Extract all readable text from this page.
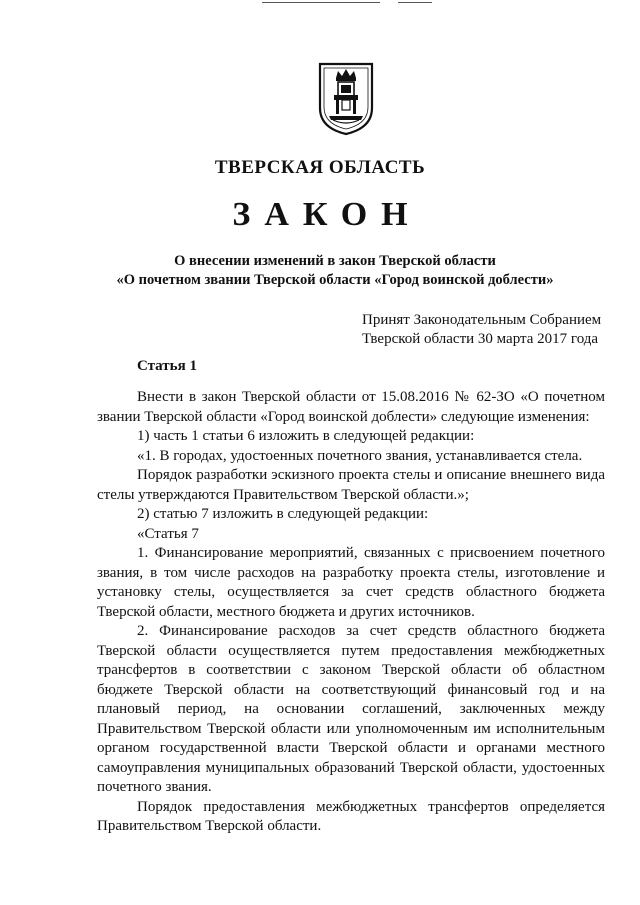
ТВЕРСКАЯ ОБЛАСТЬ
ЗАКОН
О внесении изменений в закон Тверской области
«О почетном звании Тверской области «Город воинской доблести»
Принят Законодательным Собранием
Тверской области 30 марта 2017 года
Статья 1

Внести в закон Тверской области от 15.08.2016 № 62-ЗО «О почетном звании Тверской области «Город воинской доблести» следующие изменения:

1) часть 1 статьи 6 изложить в следующей редакции:

«1. В городах, удостоенных почетного звания, устанавливается стела.

Порядок разработки эскизного проекта стелы и описание внешнего вида стелы утверждаются Правительством Тверской области.»;

2) статью 7 изложить в следующей редакции:

«Статья 7

1. Финансирование мероприятий, связанных с присвоением почетного звания, в том числе расходов на разработку проекта стелы, изготовление и установку стелы, осуществляется за счет средств областного бюджета Тверской области, местного бюджета и других источников.

2. Финансирование расходов за счет средств областного бюджета Тверской области осуществляется путем предоставления межбюджетных трансфертов в соответствии с законом Тверской области об областном бюджете Тверской области на соответствующий финансовый год и на плановый период, на основании соглашений, заключенных между Правительством Тверской области или уполномоченным им исполнительным органом государственной власти Тверской области и органами местного самоуправления муниципальных образований Тверской области, удостоенных почетного звания.

Порядок предоставления межбюджетных трансфертов определяется Правительством Тверской области.
